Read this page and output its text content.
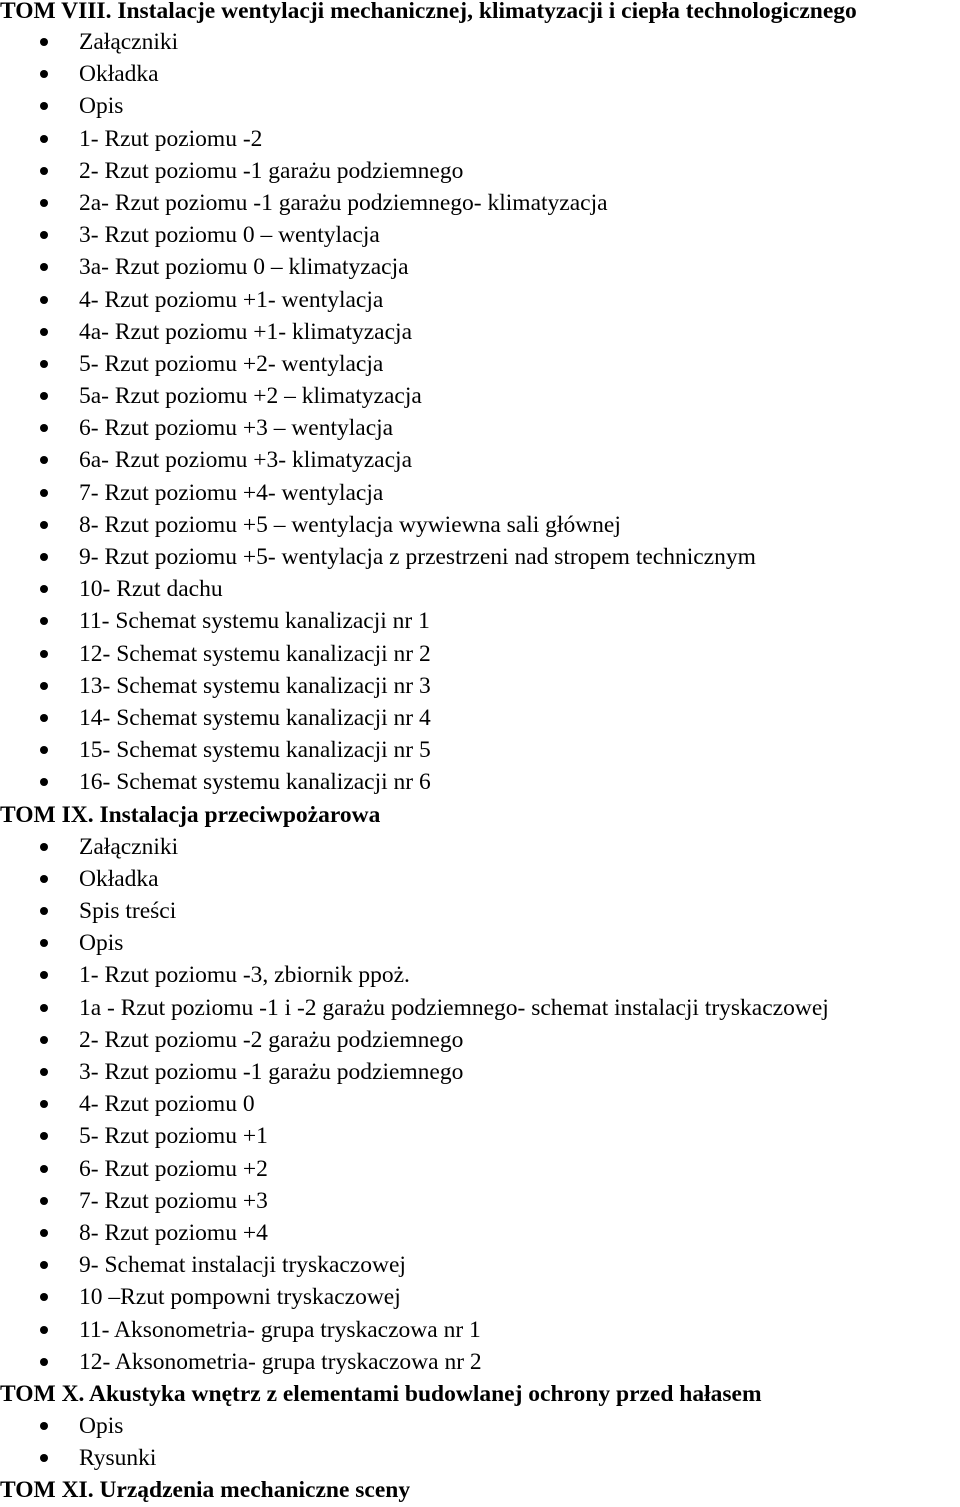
TOM VIII. Instalacje wentylacji mechanicznej, klimatyzacji i ciepła technologicznego
Załączniki
Okładka
Opis
1- Rzut poziomu -2
2- Rzut poziomu -1 garażu podziemnego
2a- Rzut poziomu -1 garażu podziemnego- klimatyzacja
3- Rzut poziomu 0 – wentylacja
3a- Rzut poziomu 0 – klimatyzacja
4- Rzut poziomu +1- wentylacja
4a- Rzut poziomu +1- klimatyzacja
5- Rzut poziomu +2- wentylacja
5a- Rzut poziomu +2 – klimatyzacja
6- Rzut poziomu +3 – wentylacja
6a- Rzut poziomu +3- klimatyzacja
7- Rzut poziomu +4- wentylacja
8- Rzut poziomu +5 – wentylacja wywiewna sali głównej
9- Rzut poziomu +5- wentylacja z przestrzeni nad stropem technicznym
10- Rzut dachu
11- Schemat systemu kanalizacji nr 1
12- Schemat systemu kanalizacji nr 2
13- Schemat systemu kanalizacji nr 3
14- Schemat systemu kanalizacji nr 4
15- Schemat systemu kanalizacji nr 5
16- Schemat systemu kanalizacji nr 6
TOM IX. Instalacja przeciwpożarowa
Załączniki
Okładka
Spis treści
Opis
1- Rzut poziomu -3, zbiornik ppoż.
1a - Rzut poziomu -1 i -2 garażu podziemnego- schemat instalacji tryskaczowej
2- Rzut poziomu -2 garażu podziemnego
3- Rzut poziomu -1 garażu podziemnego
4- Rzut poziomu 0
5- Rzut poziomu +1
6- Rzut poziomu +2
7- Rzut poziomu +3
8- Rzut poziomu +4
9- Schemat instalacji tryskaczowej
10 –Rzut pompowni tryskaczowej
11- Aksonometria- grupa tryskaczowa nr 1
12- Aksonometria- grupa tryskaczowa nr 2
TOM X. Akustyka wnętrz z elementami budowlanej ochrony przed hałasem
Opis
Rysunki
TOM XI. Urządzenia mechaniczne sceny
